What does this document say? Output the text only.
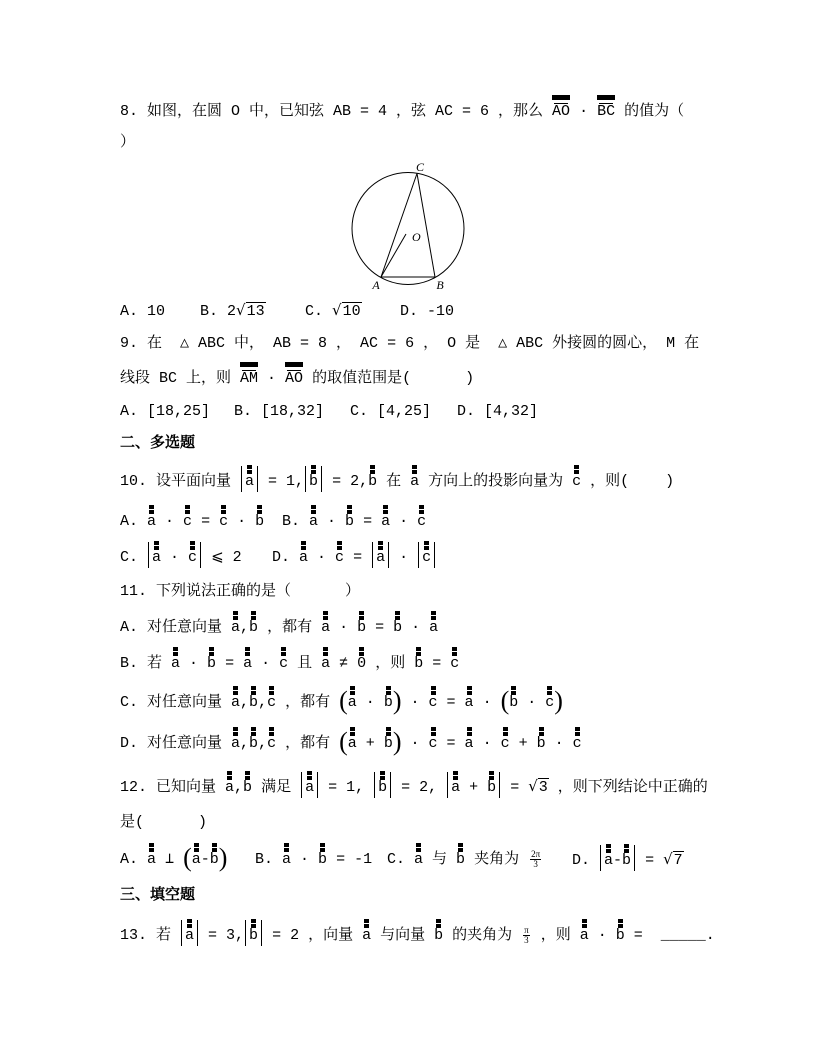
8. 如图，在圆 O 中，已知弦 AB = 4 ，弦 AC = 6 ，那么 AO · BC 的值为（
）
C
O
A	B
A. 10 B. 2√13	C. √10	D. -10
9. 在  △ ABC 中， AB = 8 ， AC = 6 ， O 是  △ ABC 外接圆的圆心， M 在
线段 BC 上，则 AM · AO 的取值范围是(      )
A. [18,25] B. [18,32] C. [4,25] D. [4,32]
二、多选题
10. 设平面向量 a = 1, b = 2,b 在 a 方向上的投影向量为 c ，则(    )
A. a · c = c · b B. a · b = a · c
C. a · c ⩽ 2 D. a · c = a · c
11. 下列说法正确的是（      ）
A. 对任意向量 a,b ，都有 a · b = b · a
B. 若 a · b = a · c 且 a ≠ 0 ，则 b = c
C. 对任意向量 a,b,c ，都有 (a · b) · c = a · (b · c)
D. 对任意向量 a,b,c ，都有 (a + b) · c = a · c + b · c
12. 已知向量 a,b 满足 a = 1, b = 2, a + b = √3 ，则下列结论中正确的
是(      )
A. a ⊥ (a-b) B. a · b = -1 C. a 与 b 夹角为 $\frac{2\pi}{3} D$. a-b = √7
三、填空题
13. 若 a = 3, b = 2 ，向量 a 与向量 b 的夹角为 $\frac{\pi}{3}$ ，则 a · b =  _____.
